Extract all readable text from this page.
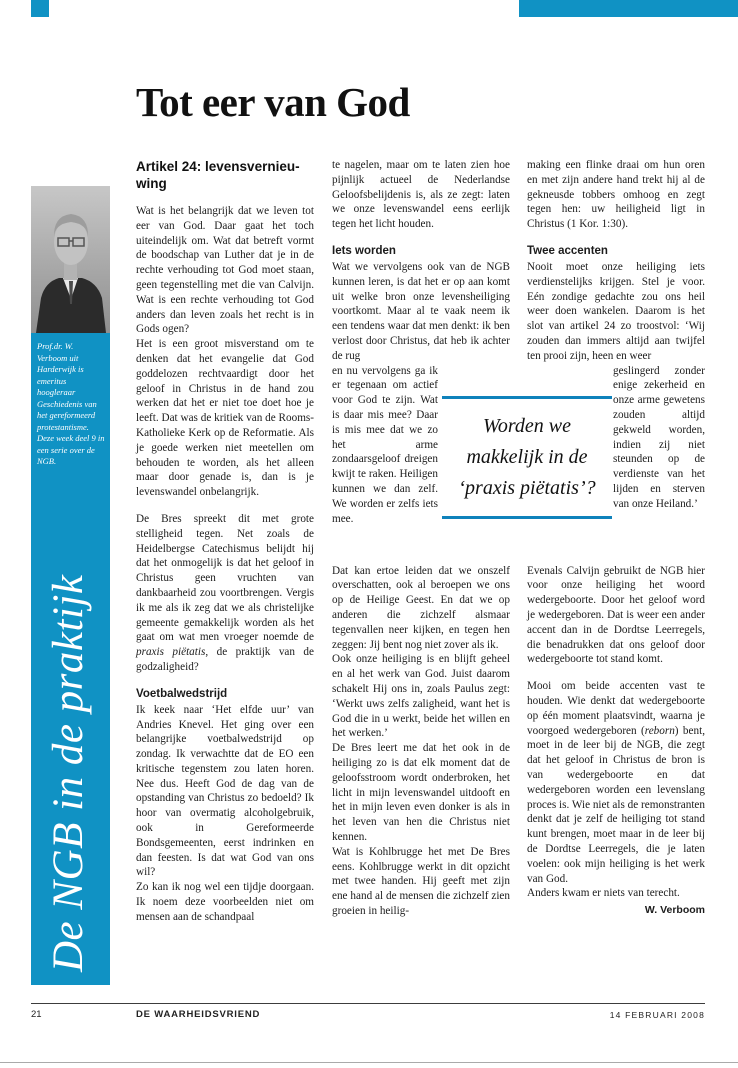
Prof.dr. W. Verboom uit Harderwijk is emeritus hoogleraar Geschiedenis van het gereformeerd protestantisme. Deze week deel 9 in een serie over de NGB.
De NGB in de praktijk
Tot eer van God
Artikel 24: levensvernieuwing

Wat is het belangrijk dat we leven tot eer van God. Daar gaat het toch uiteindelijk om. Wat dat betreft vormt de boodschap van Luther dat je in de rechte verhouding tot God moet staan, geen tegenstelling met die van Calvijn. Wat is een rechte verhouding tot God anders dan leven zoals het recht is in Gods ogen?

Het is een groot misverstand om te denken dat het evangelie dat God goddelozen rechtvaardigt door het geloof in Christus in de hand zou werken dat het er niet toe doet hoe je leeft. Dat was de kritiek van de Rooms-Katholieke Kerk op de Reformatie. Als je goede werken niet meetellen om behouden te worden, als het alleen maar door genade is, dan is je levenswandel onbelangrijk.

De Bres spreekt dit met grote stelligheid tegen. Net zoals de Heidelbergse Catechismus belijdt hij dat het onmogelijk is dat het geloof in Christus geen vruchten van dankbaarheid zou voortbrengen. Vergis ik me als ik zeg dat we als christelijke gemeente gemakkelijk worden als het gaat om wat men vroeger noemde de praxis piëtatis, de praktijk van de godzaligheid?

Voetbalwedstrijd

Ik keek naar ‘Het elfde uur’ van Andries Knevel. Het ging over een belangrijke voetbalwedstrijd op zondag. Ik verwachtte dat de EO een kritische tegenstem zou laten horen. Nee dus. Heeft God de dag van de opstanding van Christus zo bedoeld? Ik hoor van overmatig alcoholgebruik, ook in Gereformeerde Bondsgemeenten, eerst indrinken en dan feesten. Is dat wat God van ons wil?

Zo kan ik nog wel een tijdje doorgaan. Ik noem deze voorbeelden niet om mensen aan de schandpaal

te nagelen, maar om te laten zien hoe pijnlijk actueel de Nederlandse Geloofsbelijdenis is, als ze zegt: laten we onze levenswandel eens eerlijk tegen het licht houden.

Iets worden

Wat we vervolgens ook van de NGB kunnen leren, is dat het er op aan komt uit welke bron onze levensheiliging voortkomt. Maar al te vaak neem ik een tendens waar dat men denkt: ik ben verlost door Christus, dat heb ik achter de rug

en nu vervolgens ga ik er tegenaan om actief voor God te zijn. Wat is daar mis mee? Daar is mis mee dat we zo het arme zondaarsgeloof dreigen kwijt te raken. Heiligen kunnen we dan zelf. We worden er zelfs iets mee.

Dat kan ertoe leiden dat we onszelf overschatten, ook al beroepen we ons op de Heilige Geest. En dat we op anderen die zichzelf alsmaar tegenvallen neer kijken, en tegen hen zeggen: Jij bent nog niet zover als ik.

Ook onze heiliging is en blijft geheel en al het werk van God. Juist daarom schakelt Hij ons in, zoals Paulus zegt: ‘Werkt uws zelfs zaligheid, want het is God die in u werkt, beide het willen en het werken.’

De Bres leert me dat het ook in de heiliging zo is dat elk moment dat de geloofsstroom wordt onderbroken, het licht in mijn levenswandel uitdooft en het in mijn leven even donker is als in het leven van hen die Christus niet kennen.

Wat is Kohlbrugge het met De Bres eens. Kohlbrugge werkt in dit opzicht met twee handen. Hij geeft met zijn ene hand al de mensen die zichzelf zien groeien in heilig-

making een flinke draai om hun oren en met zijn andere hand trekt hij al de gekneusde tobbers omhoog en zegt tegen hen: uw heiligheid ligt in Christus (1 Kor. 1:30).

Twee accenten

Nooit moet onze heiliging iets verdienstelijks krijgen. Stel je voor. Eén zondige gedachte zou ons heil weer doen wankelen. Daarom is het slot van artikel 24 zo troostvol: ‘Wij zouden dan immers altijd aan twijfel ten prooi zijn, heen en weer

geslingerd zonder enige zekerheid en onze arme gewetens zouden altijd gekweld worden, indien zij niet steunden op de verdienste van het lijden en sterven van onze Heiland.’

Evenals Calvijn gebruikt de NGB hier voor onze heiliging het woord wedergeboorte. Door het geloof word je wedergeboren. Dat is weer een ander accent dan in de Dordtse Leerregels, die benadrukken dat ons geloof door wedergeboorte tot stand komt.

Mooi om beide accenten vast te houden. Wie denkt dat wedergeboorte op één moment plaatsvindt, waarna je voorgoed wedergeboren (reborn) bent, moet in de leer bij de NGB, die zegt dat het geloof in Christus de bron is van wedergeboorte en dat wedergeboren worden een levenslang proces is. Wie niet als de remonstranten denkt dat je zelf de heiliging tot stand kunt brengen, moet maar in de leer bij de Dordtse Leerregels, die je laten voelen: ook mijn heiliging is het werk van God.

Anders kwam er niets van terecht.

W. Verboom

Worden we makkelijk in de ‘praxis piëtatis’?
21	DE WAARHEIDSVRIEND	14 FEBRUARI 2008
